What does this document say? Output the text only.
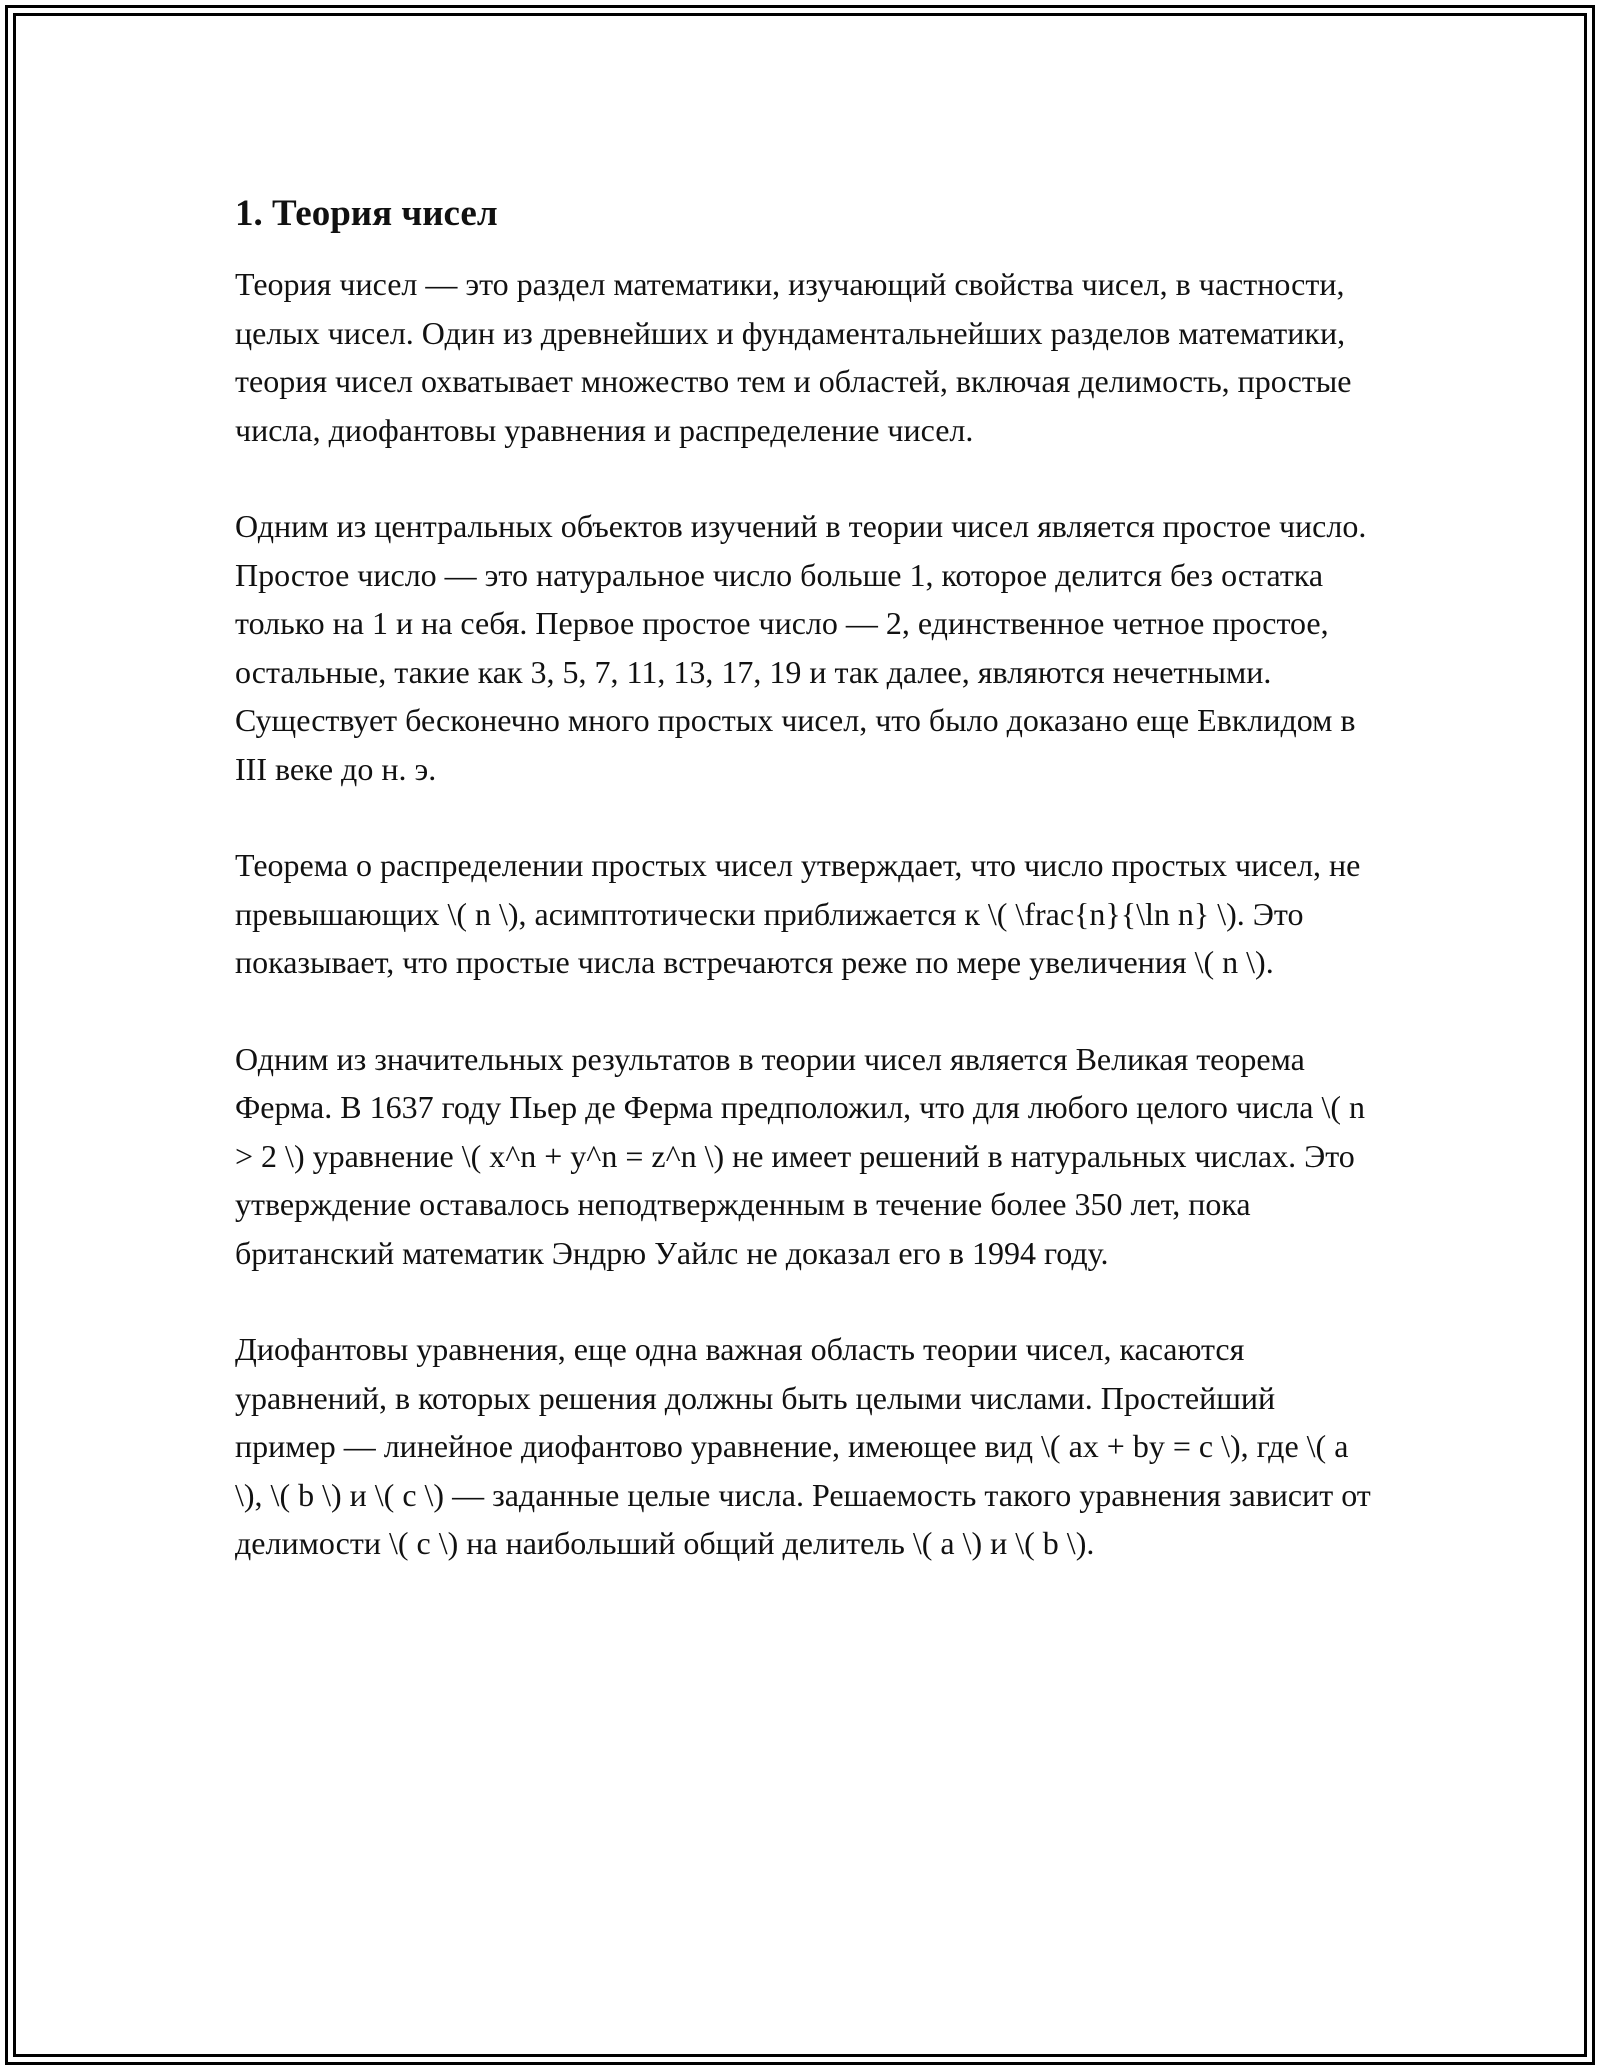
1. Теория чисел

Теория чисел — это раздел математики, изучающий свойства чисел, в частности, целых чисел. Один из древнейших и фундаментальнейших разделов математики, теория чисел охватывает множество тем и областей, включая делимость, простые числа, диофантовы уравнения и распределение чисел.

Одним из центральных объектов изучений в теории чисел является простое число. Простое число — это натуральное число больше 1, которое делится без остатка только на 1 и на себя. Первое простое число — 2, единственное четное простое, остальные, такие как 3, 5, 7, 11, 13, 17, 19 и так далее, являются нечетными. Существует бесконечно много простых чисел, что было доказано еще Евклидом в III веке до н. э.

Теорема о распределении простых чисел утверждает, что число простых чисел, не превышающих \( n \), асимптотически приближается к \( \frac{n}{\ln n} \). Это показывает, что простые числа встречаются реже по мере увеличения \( n \).

Одним из значительных результатов в теории чисел является Великая теорема Ферма. В 1637 году Пьер де Ферма предположил, что для любого целого числа \( n > 2 \) уравнение \( x^n + y^n = z^n \) не имеет решений в натуральных числах. Это утверждение оставалось неподтвержденным в течение более 350 лет, пока британский математик Эндрю Уайлс не доказал его в 1994 году.

Диофантовы уравнения, еще одна важная область теории чисел, касаются уравнений, в которых решения должны быть целыми числами. Простейший пример — линейное диофантово уравнение, имеющее вид \( ax + by = c \), где \( a \), \( b \) и \( c \) — заданные целые числа. Решаемость такого уравнения зависит от делимости \( c \) на наибольший общий делитель \( a \) и \( b \).
